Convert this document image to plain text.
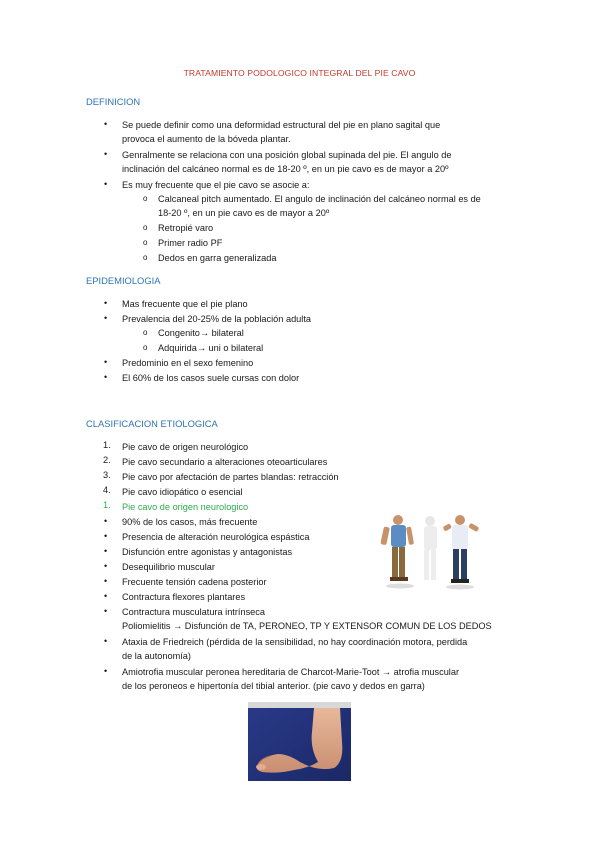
TRATAMIENTO PODOLOGICO INTEGRAL DEL PIE CAVO
DEFINICION
•	Se puede definir como una deformidad estructural del pie en plano sagital que
provoca el aumento de la bóveda plantar.
•	Genralmente se relaciona con una posición global supinada del pie. El angulo de
inclinación del calcáneo normal es de 18-20 º, en un pie cavo es de mayor a 20º
•	Es muy frecuente que el pie cavo se asocie a:
o	Calcaneal pitch aumentado. El angulo de inclinación del calcáneo normal es de
18-20 º, en un pie cavo es de mayor a 20º
o	Retropié varo
o	Primer radio PF
o	Dedos en garra generalizada
EPIDEMIOLOGIA
•	Mas frecuente que el pie plano
•	Prevalencia del 20-25% de la población adulta
o	Congenito→ bilateral
o	Adquirida→ uni o bilateral
•	Predominio en el sexo femenino
•	El 60% de los casos suele cursas con dolor
CLASIFICACION ETIOLOGICA
1.	Pie cavo de origen neurológico
2.	Pie cavo secundario a alteraciones oteoarticulares
3.	Pie cavo por afectación de partes blandas: retracción
4.	Pie cavo idiopático o esencial
1.	Pie cavo de origen neurologico
•	90% de los casos, más frecuente
•	Presencia de alteración neurológica espástica
•	Disfunción entre agonistas y antagonistas
•	Desequilibrio muscular
•	Frecuente tensión cadena posterior
•	Contractura flexores plantares
•	Contractura musculatura intrínseca
Poliomielitis → Disfunción de TA, PERONEO, TP Y EXTENSOR COMUN DE LOS DEDOS
•	Ataxia de Friedreich (pérdida de la sensibilidad, no hay coordinación motora, perdida
de la autonomía)
•	Amiotrofia muscular peronea hereditaria de Charcot-Marie-Toot → atrofia muscular
de los peroneos e hipertonía del tibial anterior. (pie cavo y dedos en garra)
